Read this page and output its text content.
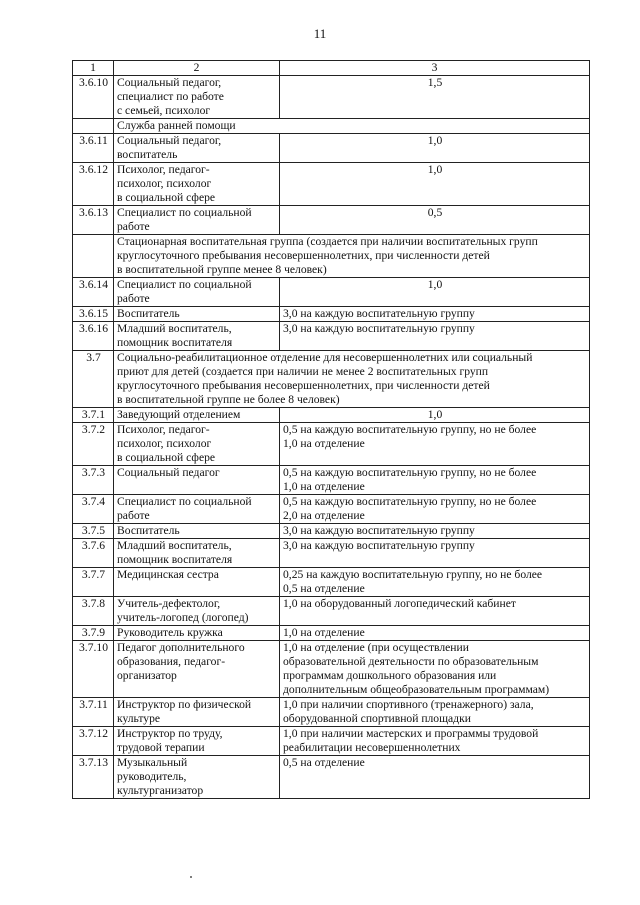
11
1	2	3
3.6.10	Социальный педагог,
специалист по работе
с семьей, психолог	1,5
	Служба ранней помощи	
3.6.11	Социальный педагог,
воспитатель	1,0
3.6.12	Психолог, педагог-
психолог, психолог
в социальной сфере	1,0
3.6.13	Специалист по социальной
работе	0,5
	Стационарная воспитательная группа (создается при наличии воспитательных групп
круглосуточного пребывания несовершеннолетних, при численности детей
в воспитательной группе менее 8 человек)	
3.6.14	Специалист по социальной
работе	1,0
3.6.15	Воспитатель	3,0 на каждую воспитательную группу
3.6.16	Младший воспитатель,
помощник воспитателя	3,0 на каждую воспитательную группу
3.7	Социально-реабилитационное отделение для несовершеннолетних или социальный
приют для детей (создается при наличии не менее 2 воспитательных групп
круглосуточного пребывания несовершеннолетних, при численности детей
в воспитательной группе не более 8 человек)	
3.7.1	Заведующий отделением	1,0
3.7.2	Психолог, педагог-
психолог, психолог
в социальной сфере	0,5 на каждую воспитательную группу, но не более
1,0 на отделение
3.7.3	Социальный педагог	0,5 на каждую воспитательную группу, но не более
1,0 на отделение
3.7.4	Специалист по социальной
работе	0,5 на каждую воспитательную группу, но не более
2,0 на отделение
3.7.5	Воспитатель	3,0 на каждую воспитательную группу
3.7.6	Младший воспитатель,
помощник воспитателя	3,0 на каждую воспитательную группу
3.7.7	Медицинская сестра	0,25 на каждую воспитательную группу, но не более
0,5 на отделение
3.7.8	Учитель-дефектолог,
учитель-логопед (логопед)	1,0 на оборудованный логопедический кабинет
3.7.9	Руководитель кружка	1,0 на отделение
3.7.10	Педагог дополнительного
образования, педагог-
организатор	1,0 на отделение (при осуществлении
образовательной деятельности по образовательным
программам дошкольного образования или
дополнительным общеобразовательным программам)
3.7.11	Инструктор по физической
культуре	1,0 при наличии спортивного (тренажерного) зала,
оборудованной спортивной площадки
3.7.12	Инструктор по труду,
трудовой терапии	1,0 при наличии мастерских и программы трудовой
реабилитации несовершеннолетних
3.7.13	Музыкальный
руководитель,
культурганизатор	0,5 на отделение
